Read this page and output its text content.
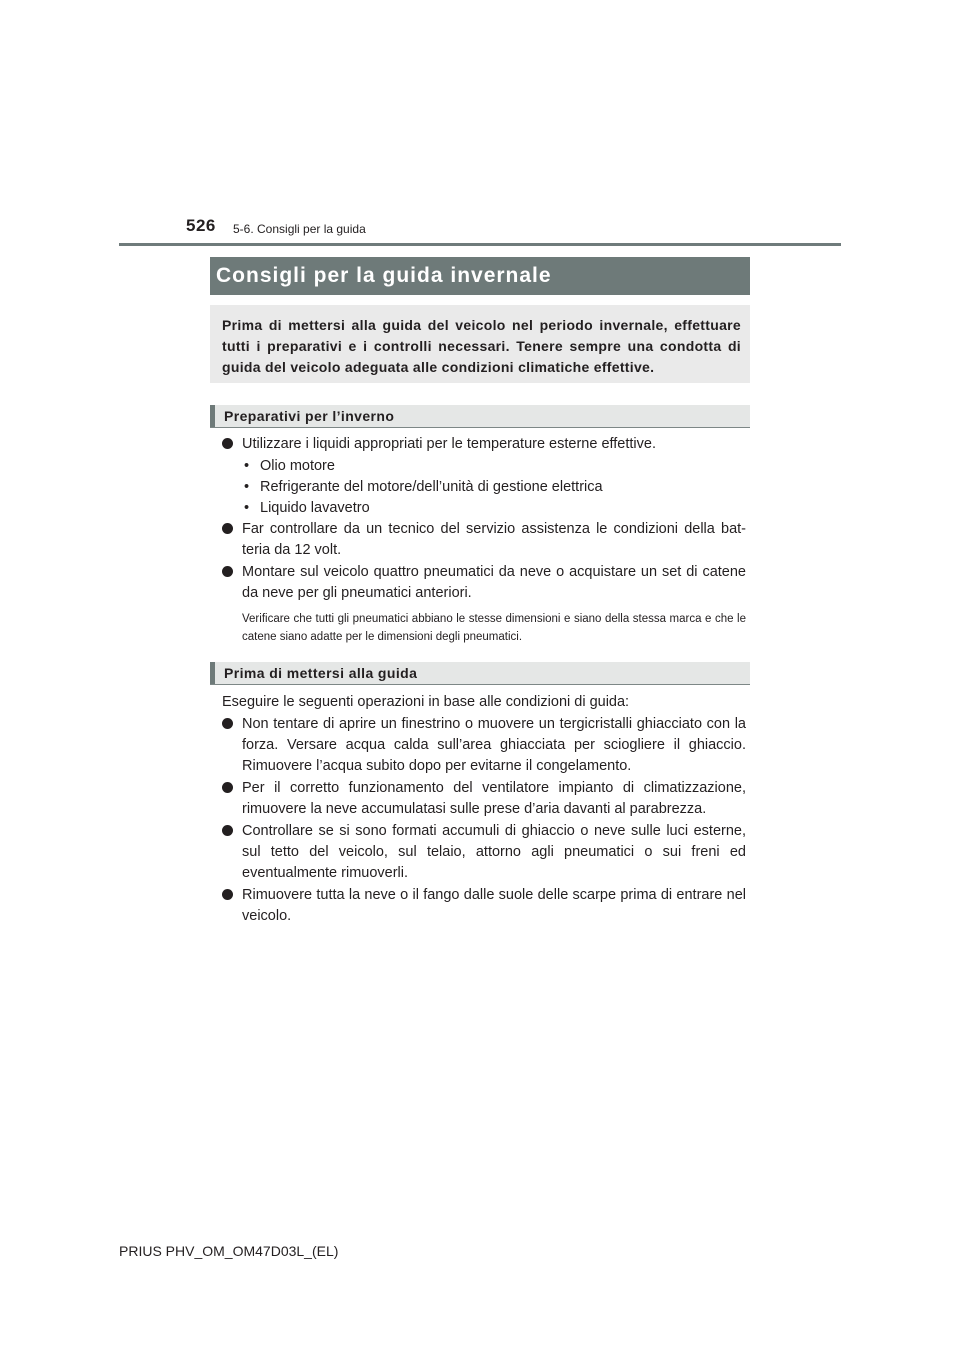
526 5-6. Consigli per la guida
Consigli per la guida invernale
Prima di mettersi alla guida del veicolo nel periodo invernale, effettuare tutti i preparativi e i controlli necessari. Tenere sempre una condotta di guida del veicolo adeguata alle condizioni climatiche effettive.
Preparativi per l’inverno
Utilizzare i liquidi appropriati per le temperature esterne effettive.
• Olio motore
• Refrigerante del motore/dell’unità di gestione elettrica
• Liquido lavavetro
Far controllare da un tecnico del servizio assistenza le condizioni della bat-teria da 12 volt.
Montare sul veicolo quattro pneumatici da neve o acquistare un set di catene da neve per gli pneumatici anteriori.
Verificare che tutti gli pneumatici abbiano le stesse dimensioni e siano della stessa marca e che le catene siano adatte per le dimensioni degli pneumatici.
Prima di mettersi alla guida
Eseguire le seguenti operazioni in base alle condizioni di guida:
Non tentare di aprire un finestrino o muovere un tergicristalli ghiacciato con la forza. Versare acqua calda sull’area ghiacciata per sciogliere il ghiaccio. Rimuovere l’acqua subito dopo per evitarne il congelamento.
Per il corretto funzionamento del ventilatore impianto di climatizzazione, rimuovere la neve accumulatasi sulle prese d’aria davanti al parabrezza.
Controllare se si sono formati accumuli di ghiaccio o neve sulle luci esterne, sul tetto del veicolo, sul telaio, attorno agli pneumatici o sui freni ed eventualmente rimuoverli.
Rimuovere tutta la neve o il fango dalle suole delle scarpe prima di entrare nel veicolo.
PRIUS PHV_OM_OM47D03L_(EL)
